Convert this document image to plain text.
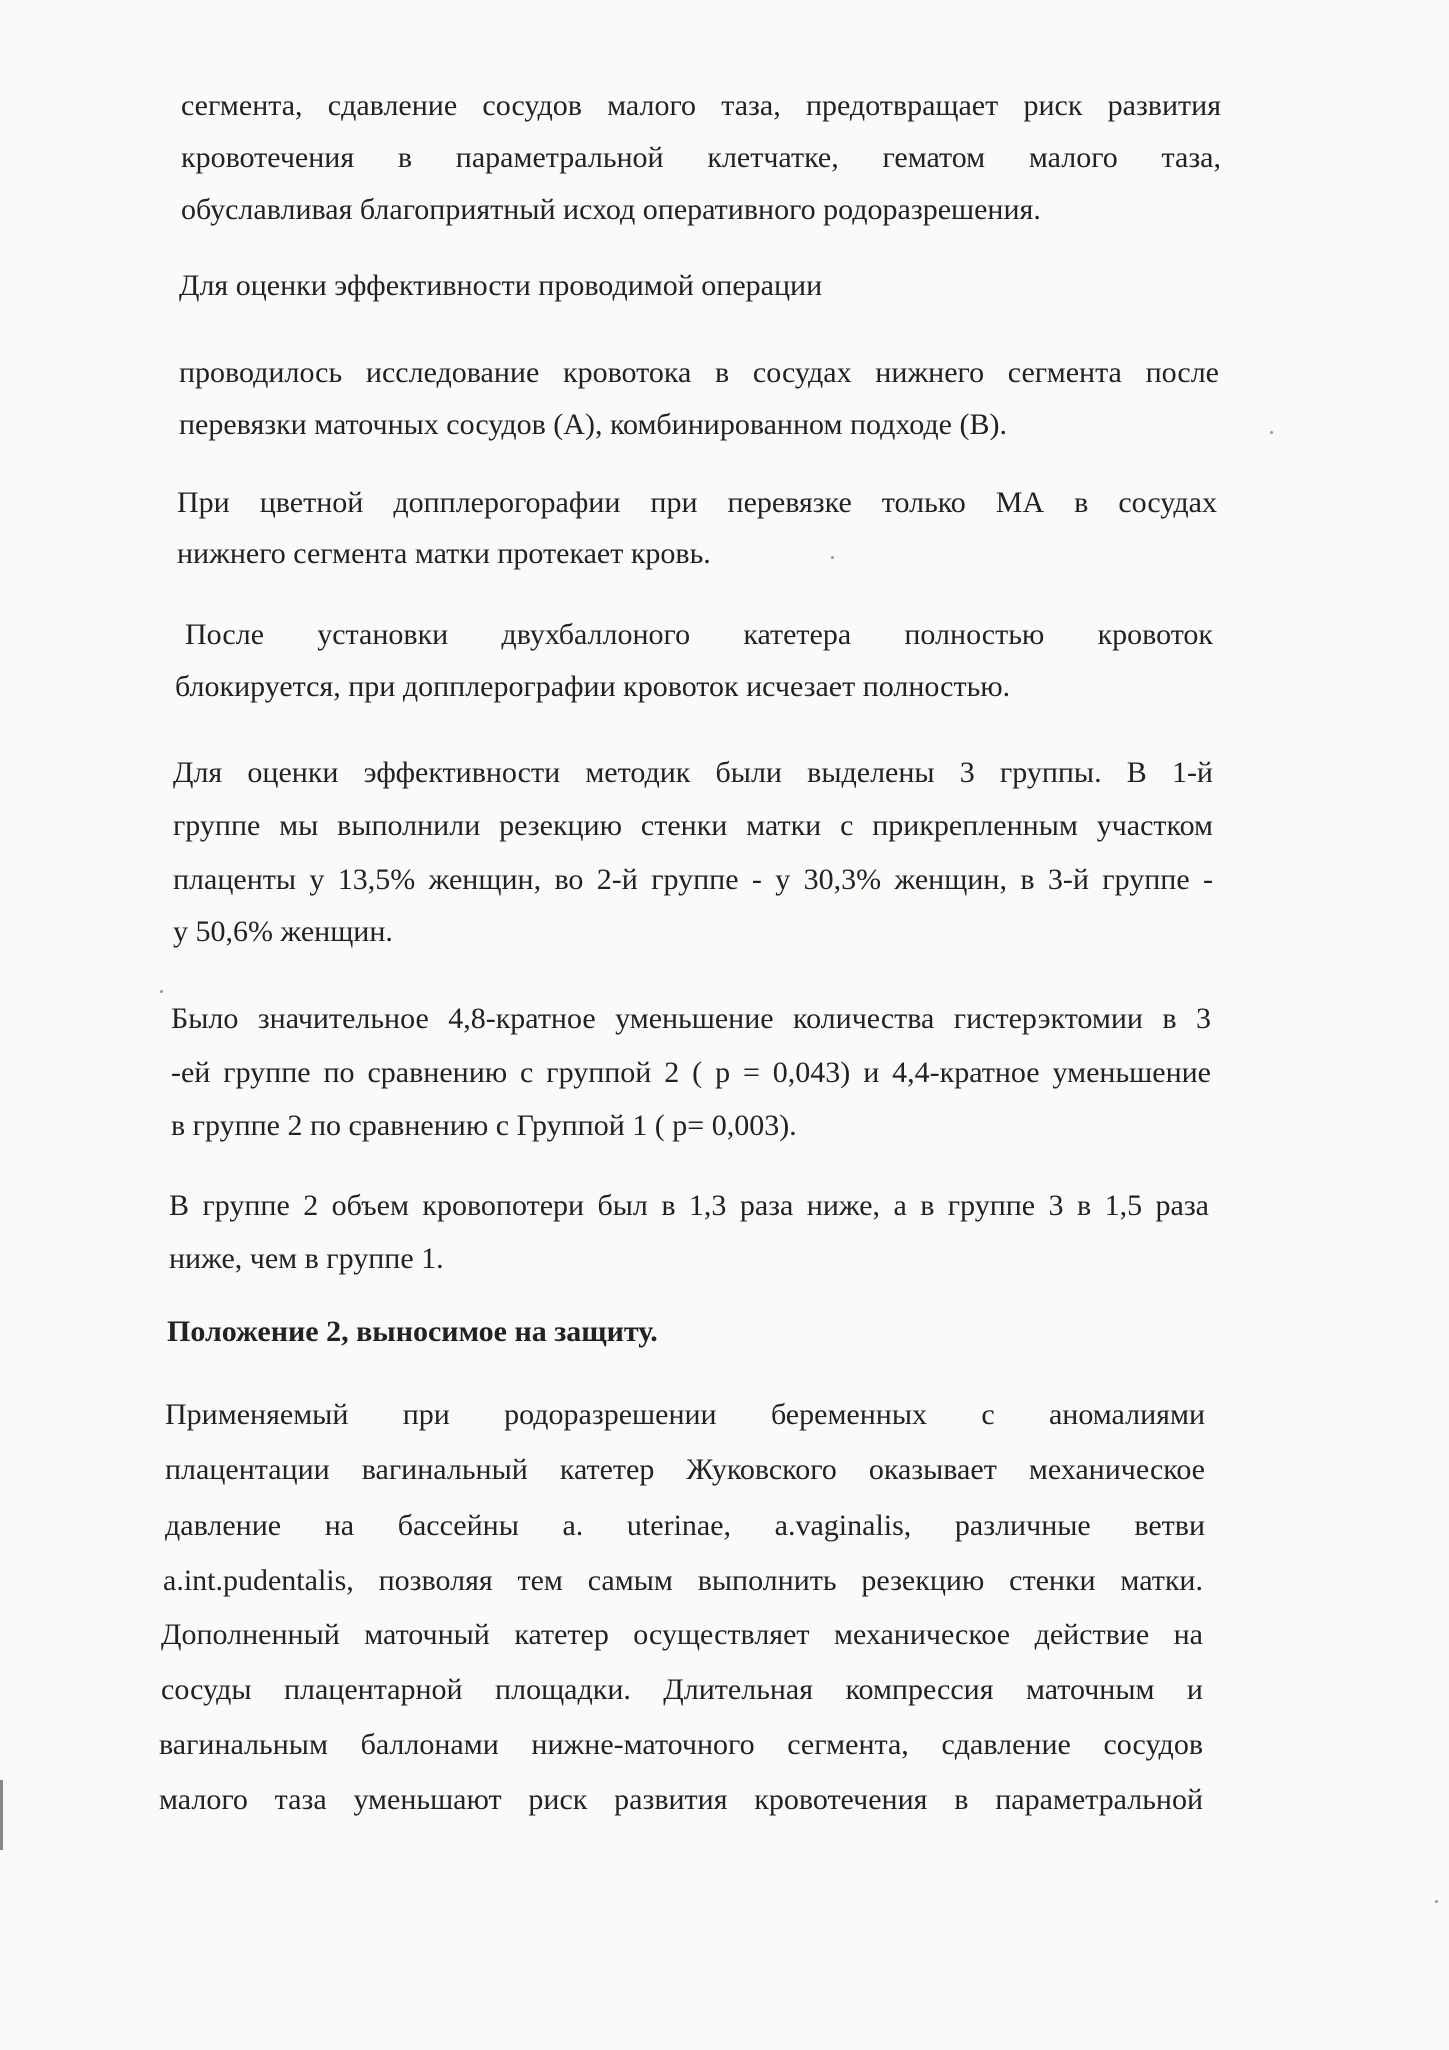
сегмента, сдавление сосудов малого таза, предотвращает риск развития
кровотечения в параметральной клетчатке, гематом малого таза,
обуславливая благоприятный исход оперативного родоразрешения.
Для оценки эффективности проводимой операции
проводилось исследование кровотока в сосудах нижнего сегмента после
перевязки маточных сосудов (А), комбинированном подходе (В).
При цветной допплерогорафии при перевязке только МА в сосудах
нижнего сегмента матки протекает кровь.
После установки двухбаллоного катетера полностью кровоток
блокируется, при допплерографии кровоток исчезает полностью.
Для оценки эффективности методик были выделены 3 группы. В 1-й
группе мы выполнили резекцию стенки матки с прикрепленным участком
плаценты у 13,5% женщин, во 2-й группе - у 30,3% женщин, в 3-й группе -
у 50,6% женщин.
Было значительное 4,8-кратное уменьшение количества гистерэктомии в 3
-ей группе по сравнению с группой 2 ( p = 0,043) и 4,4-кратное уменьшение
в группе 2 по сравнению с Группой 1 ( p= 0,003).
В группе 2 объем кровопотери был в 1,3 раза ниже, а в группе 3 в 1,5 раза
ниже, чем в группе 1.
Положение 2, выносимое на защиту.
Применяемый при родоразрешении беременных с аномалиями
плацентации вагинальный катетер Жуковского оказывает механическое
давление на бассейны a. uterinae, a.vaginalis, различные ветви
a.int.pudentalis, позволяя тем самым выполнить резекцию стенки матки.
Дополненный маточный катетер осуществляет механическое действие на
сосуды плацентарной площадки. Длительная компрессия маточным и
вагинальным баллонами нижне-маточного сегмента, сдавление сосудов
малого таза уменьшают риск развития кровотечения в параметральной
